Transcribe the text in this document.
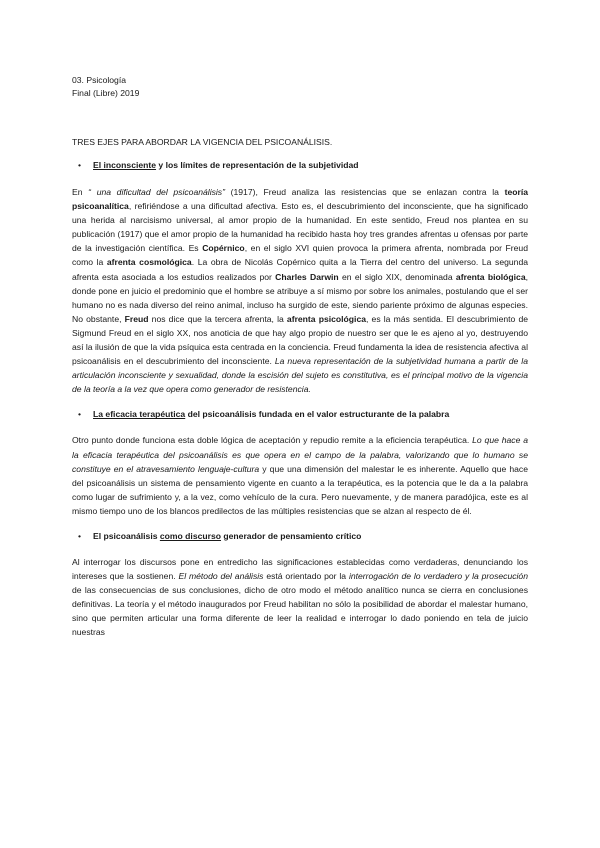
03. Psicología
Final (Libre) 2019
TRES EJES PARA ABORDAR LA VIGENCIA DEL PSICOANÁLISIS.
•	El inconsciente y los límites de representación de la subjetividad
En “ una dificultad del psicoanálisis” (1917), Freud analiza las resistencias que se enlazan contra la teoría psicoanalítica, refiriéndose a una dificultad afectiva. Esto es, el descubrimiento del inconsciente, que ha significado una herida al narcisismo universal, al amor propio de la humanidad. En este sentido, Freud nos plantea en su publicación (1917) que el amor propio de la humanidad ha recibido hasta hoy tres grandes afrentas u ofensas por parte de la investigación científica. Es Copérnico, en el siglo XVI quien provoca la primera afrenta, nombrada por Freud como la afrenta cosmológica. La obra de Nicolás Copérnico quita a la Tierra del centro del universo. La segunda afrenta esta asociada a los estudios realizados por Charles Darwin en el siglo XIX, denominada afrenta biológica, donde pone en juicio el predominio que el hombre se atribuye a sí mismo por sobre los animales, postulando que el ser humano no es nada diverso del reino animal, incluso ha surgido de este, siendo pariente próximo de algunas especies. No obstante, Freud nos dice que la tercera afrenta, la afrenta psicológica, es la más sentida. El descubrimiento de Sigmund Freud en el siglo XX, nos anoticia de que hay algo propio de nuestro ser que le es ajeno al yo, destruyendo así la ilusión de que la vida psíquica esta centrada en la concienci​a. Freud fundamenta la idea de resistencia afectiva al psicoanálisis en el descubrimiento del inconsciente. La nueva representación de la subjetividad humana a partir de la articulación inconsciente y sexualidad, donde la escisión del sujeto es constitutiva, es el principal motivo de la vigencia de la teoría a la vez que opera como generador de resistencia.
•	La eficacia terapéutica del psicoanálisis fundada en el valor estructurante de la palabra
Otro punto donde funciona esta doble lógica de aceptación y repudio remite a la eficiencia terapéutica. Lo que hace a la eficacia terapéutica del psicoanálisis es que opera en el campo de la palabra, valorizando que lo humano se constituye en el atravesamiento lenguaje-cultura y que una dimensión del malestar le es inherente. Aquello que hace del psicoanálisis un sistema de pensamiento vigente en cuanto a la terapéutica, es la potencia que le da a la palabra como lugar de sufrimiento y, a la vez, como vehículo de la cura. Pero nuevamente, y de manera paradójica, este es al mismo tiempo uno de los blancos predilectos de las múltiples resistencias que se alzan al respecto de él.
•	El psicoanálisis como discurso generador de pensamiento crítico
Al interrogar los discursos pone en entredicho las significaciones establecidas como verdaderas, denunciando los intereses que la sostienen. El método del análisis está orientado por la interrogación de lo verdadero y la prosecución de las consecuencias de sus conclusiones, dicho de otro modo el método analítico nunca se cierra en conclusiones definitivas. La teoría y el método inaugurados por Freud habilitan no sólo la posibilidad de abordar el malestar humano, sino que permiten articular una forma diferente de leer la realidad e interrogar lo dado poniendo en tela de juicio nuestras
